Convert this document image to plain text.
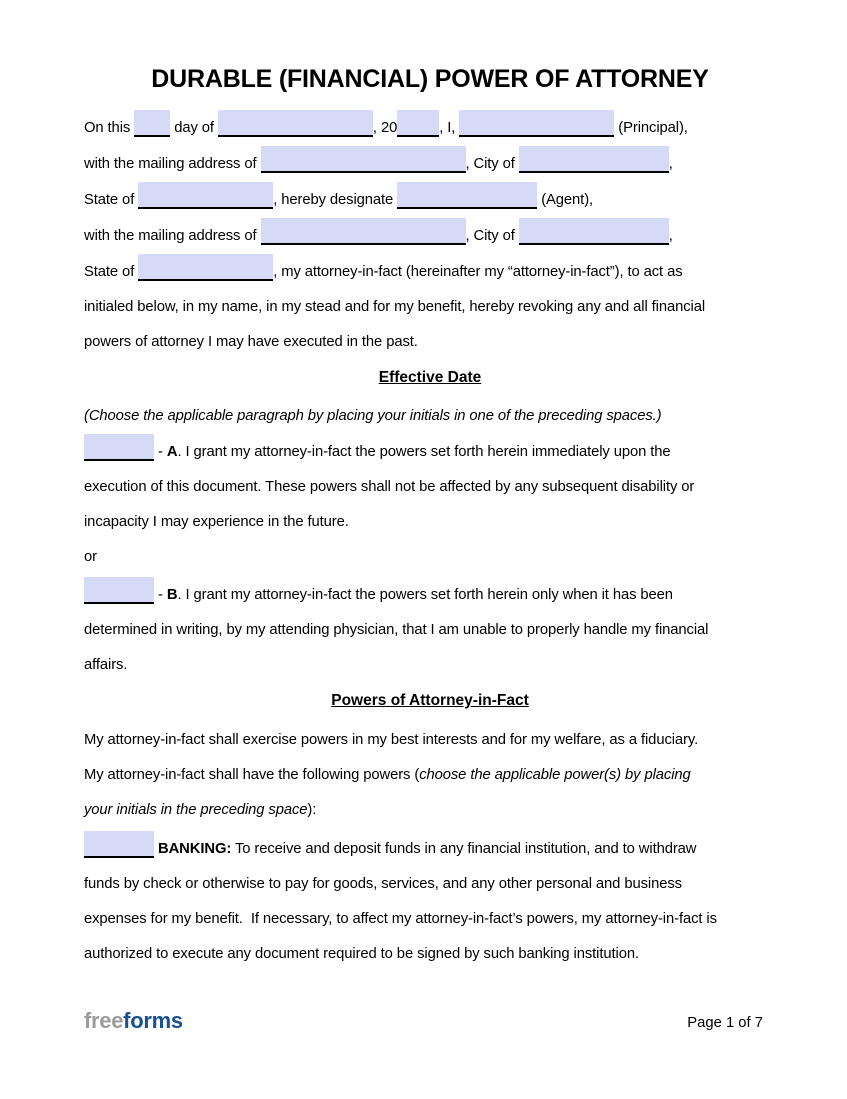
DURABLE (FINANCIAL) POWER OF ATTORNEY
On this  day of	, 20	, I,	(Principal),
with the mailing address of	, City of	,
State of	, hereby designate	(Agent),
with the mailing address of	, City of	,
State of	, my attorney-in-fact (hereinafter my “attorney-in-fact”), to act as
initialed below, in my name, in my stead and for my benefit, hereby revoking any and all financial
powers of attorney I may have executed in the past.
Effective Date
(Choose the applicable paragraph by placing your initials in one of the preceding spaces.)
- A. I grant my attorney-in-fact the powers set forth herein immediately upon the
execution of this document. These powers shall not be affected by any subsequent disability or
incapacity I may experience in the future.
or
- B. I grant my attorney-in-fact the powers set forth herein only when it has been
determined in writing, by my attending physician, that I am unable to properly handle my financial
affairs.
Powers of Attorney-in-Fact
My attorney-in-fact shall exercise powers in my best interests and for my welfare, as a fiduciary.
My attorney-in-fact shall have the following powers (choose the applicable power(s) by placing
your initials in the preceding space):
BANKING: To receive and deposit funds in any financial institution, and to withdraw
funds by check or otherwise to pay for goods, services, and any other personal and business
expenses for my benefit.  If necessary, to affect my attorney-in-fact’s powers, my attorney-in-fact is
authorized to execute any document required to be signed by such banking institution.
freeforms	Page 1 of 7
